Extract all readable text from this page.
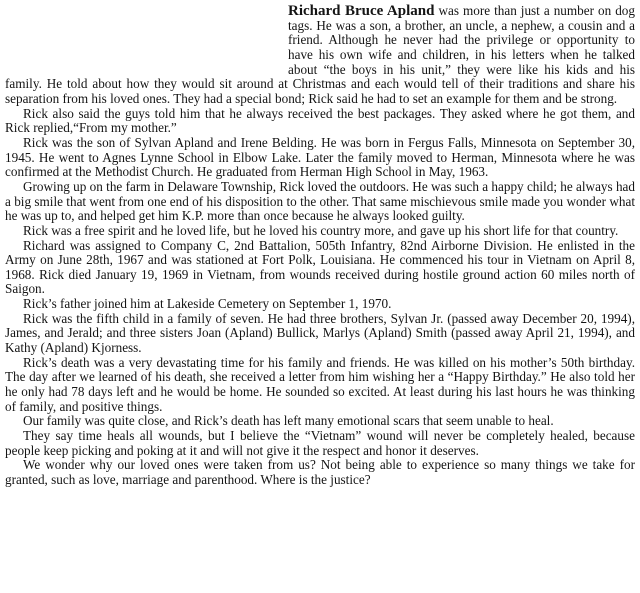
Richard Bruce Apland was more than just a number on dog tags. He was a son, a brother, an uncle, a nephew, a cousin and a friend. Although he never had the privilege or opportunity to have his own wife and children, in his letters when he talked about “the boys in his unit,” they were like his kids and his family. He told about how they would sit around at Christmas and each would tell of their traditions and share his separation from his loved ones. They had a special bond; Rick said he had to set an example for them and be strong.

Rick also said the guys told him that he always received the best packages. They asked where he got them, and Rick replied,“From my mother.”

Rick was the son of Sylvan Apland and Irene Belding. He was born in Fergus Falls, Minnesota on September 30, 1945. He went to Agnes Lynne School in Elbow Lake. Later the family moved to Herman, Minnesota where he was confirmed at the Methodist Church. He graduated from Herman High School in May, 1963.

Growing up on the farm in Delaware Township, Rick loved the outdoors. He was such a happy child; he always had a big smile that went from one end of his disposition to the other. That same mischievous smile made you wonder what he was up to, and helped get him K.P. more than once because he always looked guilty.

Rick was a free spirit and he loved life, but he loved his country more, and gave up his short life for that country.

Richard was assigned to Company C, 2nd Battalion, 505th Infantry, 82nd Airborne Division. He enlisted in the Army on June 28th, 1967 and was stationed at Fort Polk, Louisiana. He commenced his tour in Vietnam on April 8, 1968. Rick died January 19, 1969 in Vietnam, from wounds received during hostile ground action 60 miles north of Saigon.

Rick’s father joined him at Lakeside Cemetery on September 1, 1970.

Rick was the fifth child in a family of seven. He had three brothers, Sylvan Jr. (passed away December 20, 1994), James, and Jerald; and three sisters Joan (Apland) Bullick, Marlys (Apland) Smith (passed away April 21, 1994), and Kathy (Apland) Kjorness.

Rick’s death was a very devastating time for his family and friends. He was killed on his mother’s 50th birthday. The day after we learned of his death, she received a letter from him wishing her a “Happy Birthday.” He also told her he only had 78 days left and he would be home. He sounded so excited. At least during his last hours he was thinking of family, and positive things.

Our family was quite close, and Rick’s death has left many emotional scars that seem unable to heal.

They say time heals all wounds, but I believe the “Vietnam” wound will never be completely healed, because people keep picking and poking at it and will not give it the respect and honor it deserves.

We wonder why our loved ones were taken from us? Not being able to experience so many things we take for granted, such as love, marriage and parenthood. Where is the justice?
